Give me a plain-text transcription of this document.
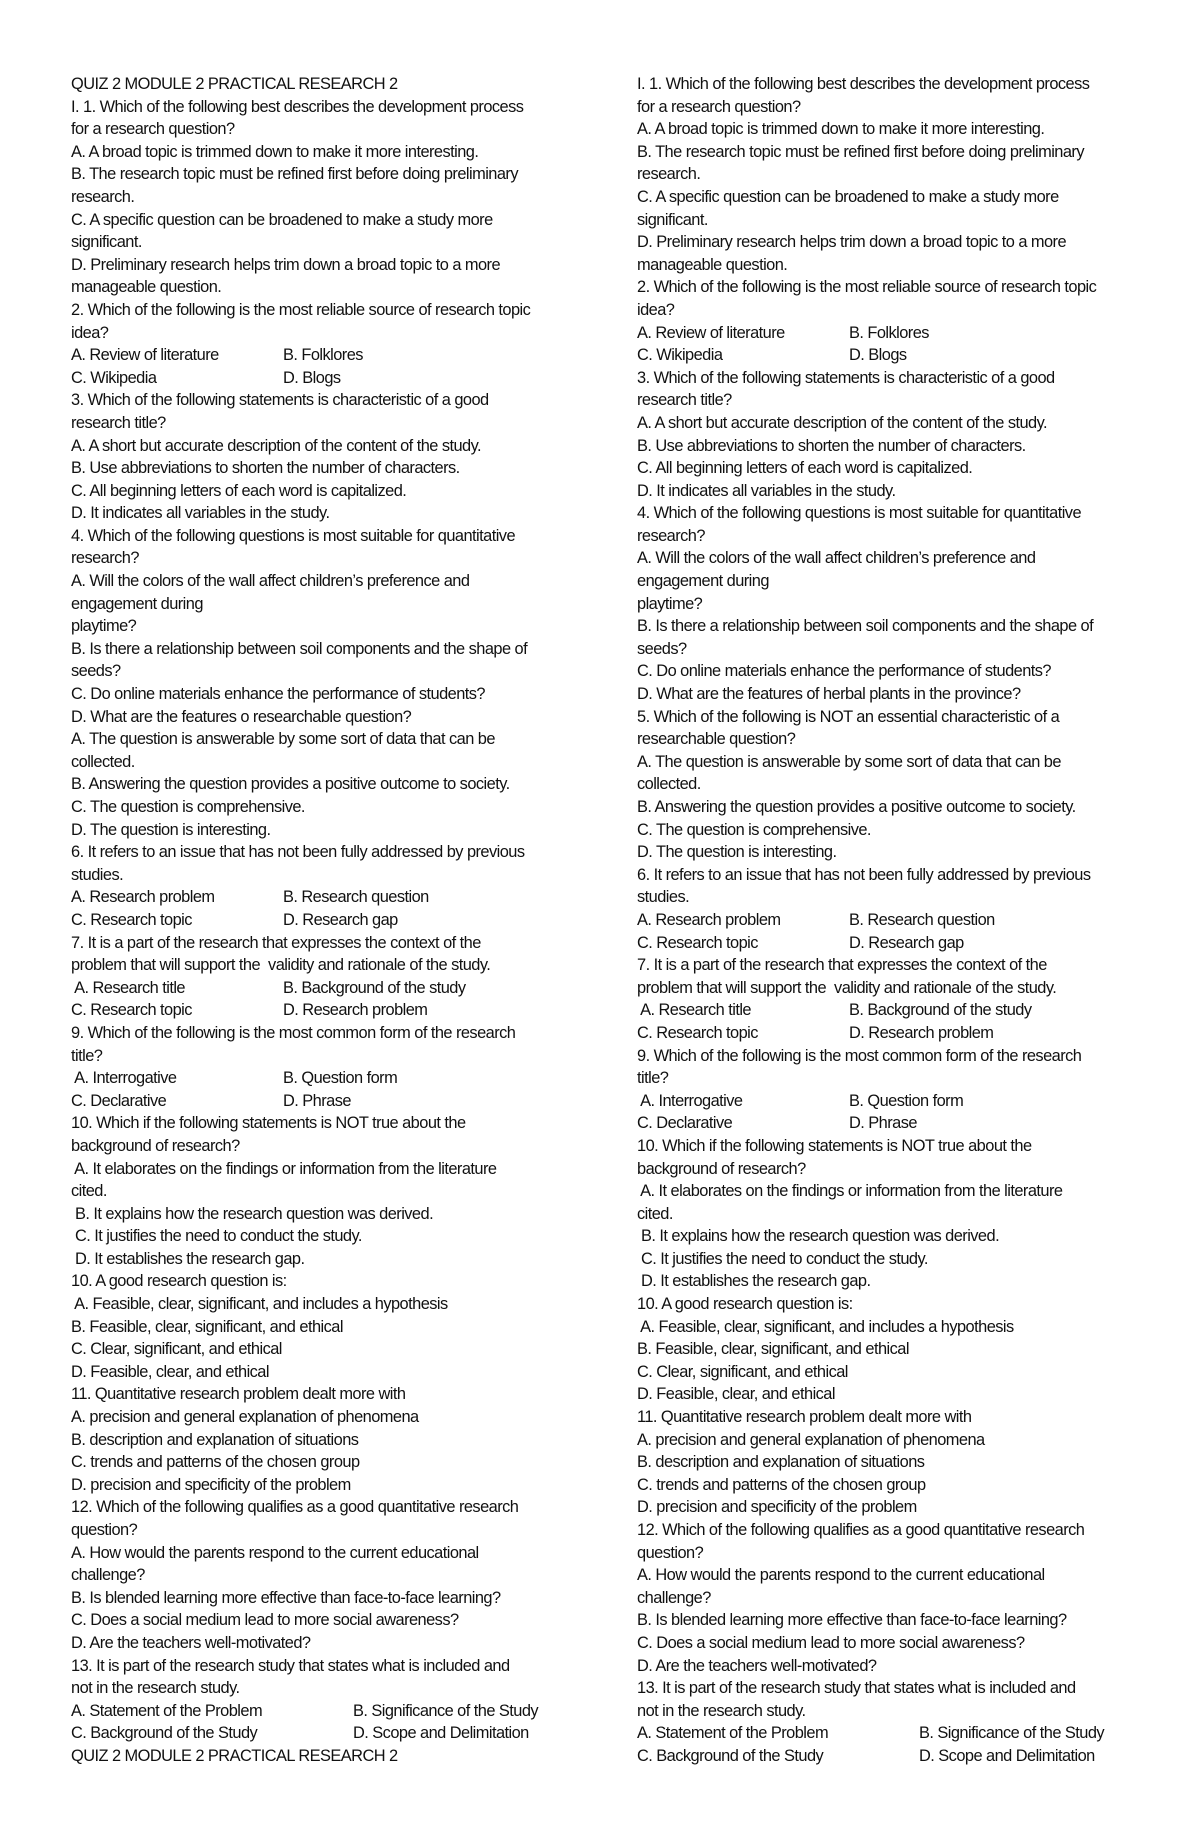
QUIZ 2 MODULE 2 PRACTICAL RESEARCH 2
I. 1. Which of the following best describes the development process
for a research question?
A. A broad topic is trimmed down to make it more interesting.
B. The research topic must be refined first before doing preliminary
research.
C. A specific question can be broadened to make a study more
significant.
D. Preliminary research helps trim down a broad topic to a more
manageable question.
2. Which of the following is the most reliable source of research topic
idea?
A. Review of literature	B. Folklores
C. Wikipedia	D. Blogs
3. Which of the following statements is characteristic of a good
research title?
A. A short but accurate description of the content of the study.
B. Use abbreviations to shorten the number of characters.
C. All beginning letters of each word is capitalized.
D. It indicates all variables in the study.
4. Which of the following questions is most suitable for quantitative
research?
A. Will the colors of the wall affect children’s preference and
engagement during
playtime?
B. Is there a relationship between soil components and the shape of
seeds?
C. Do online materials enhance the performance of students?
D. What are the features o researchable question?
A. The question is answerable by some sort of data that can be
collected.
B. Answering the question provides a positive outcome to society.
C. The question is comprehensive.
D. The question is interesting.
6. It refers to an issue that has not been fully addressed by previous
studies.
A. Research problem	B. Research question
C. Research topic	D. Research gap
7. It is a part of the research that expresses the context of the
problem that will support the  validity and rationale of the study.
A. Research title	B. Background of the study
C. Research topic	D. Research problem
9. Which of the following is the most common form of the research
title?
A. Interrogative	B. Question form
C. Declarative	D. Phrase
10. Which if the following statements is NOT true about the
background of research?
A. It elaborates on the findings or information from the literature
cited.
B. It explains how the research question was derived.
C. It justifies the need to conduct the study.
D. It establishes the research gap.
10. A good research question is:
A. Feasible, clear, significant, and includes a hypothesis
B. Feasible, clear, significant, and ethical
C. Clear, significant, and ethical
D. Feasible, clear, and ethical
11. Quantitative research problem dealt more with
A. precision and general explanation of phenomena
B. description and explanation of situations
C. trends and patterns of the chosen group
D. precision and specificity of the problem
12. Which of the following qualifies as a good quantitative research
question?
A. How would the parents respond to the current educational
challenge?
B. Is blended learning more effective than face-to-face learning?
C. Does a social medium lead to more social awareness?
D. Are the teachers well-motivated?
13. It is part of the research study that states what is included and
not in the research study.
A. Statement of the Problem	B. Significance of the Study
C. Background of the Study	D. Scope and Delimitation
QUIZ 2 MODULE 2 PRACTICAL RESEARCH 2
I. 1. Which of the following best describes the development process
for a research question?
A. A broad topic is trimmed down to make it more interesting.
B. The research topic must be refined first before doing preliminary
research.
C. A specific question can be broadened to make a study more
significant.
D. Preliminary research helps trim down a broad topic to a more
manageable question.
2. Which of the following is the most reliable source of research topic
idea?
A. Review of literature	B. Folklores
C. Wikipedia	D. Blogs
3. Which of the following statements is characteristic of a good
research title?
A. A short but accurate description of the content of the study.
B. Use abbreviations to shorten the number of characters.
C. All beginning letters of each word is capitalized.
D. It indicates all variables in the study.
4. Which of the following questions is most suitable for quantitative
research?
A. Will the colors of the wall affect children’s preference and
engagement during
playtime?
B. Is there a relationship between soil components and the shape of
seeds?
C. Do online materials enhance the performance of students?
D. What are the features of herbal plants in the province?
5. Which of the following is NOT an essential characteristic of a
researchable question?
A. The question is answerable by some sort of data that can be
collected.
B. Answering the question provides a positive outcome to society.
C. The question is comprehensive.
D. The question is interesting.
6. It refers to an issue that has not been fully addressed by previous
studies.
A. Research problem	B. Research question
C. Research topic	D. Research gap
7. It is a part of the research that expresses the context of the
problem that will support the  validity and rationale of the study.
A. Research title	B. Background of the study
C. Research topic	D. Research problem
9. Which of the following is the most common form of the research
title?
A. Interrogative	B. Question form
C. Declarative	D. Phrase
10. Which if the following statements is NOT true about the
background of research?
A. It elaborates on the findings or information from the literature
cited.
B. It explains how the research question was derived.
C. It justifies the need to conduct the study.
D. It establishes the research gap.
10. A good research question is:
A. Feasible, clear, significant, and includes a hypothesis
B. Feasible, clear, significant, and ethical
C. Clear, significant, and ethical
D. Feasible, clear, and ethical
11. Quantitative research problem dealt more with
A. precision and general explanation of phenomena
B. description and explanation of situations
C. trends and patterns of the chosen group
D. precision and specificity of the problem
12. Which of the following qualifies as a good quantitative research
question?
A. How would the parents respond to the current educational
challenge?
B. Is blended learning more effective than face-to-face learning?
C. Does a social medium lead to more social awareness?
D. Are the teachers well-motivated?
13. It is part of the research study that states what is included and
not in the research study.
A. Statement of the Problem	B. Significance of the Study
C. Background of the Study	D. Scope and Delimitation
